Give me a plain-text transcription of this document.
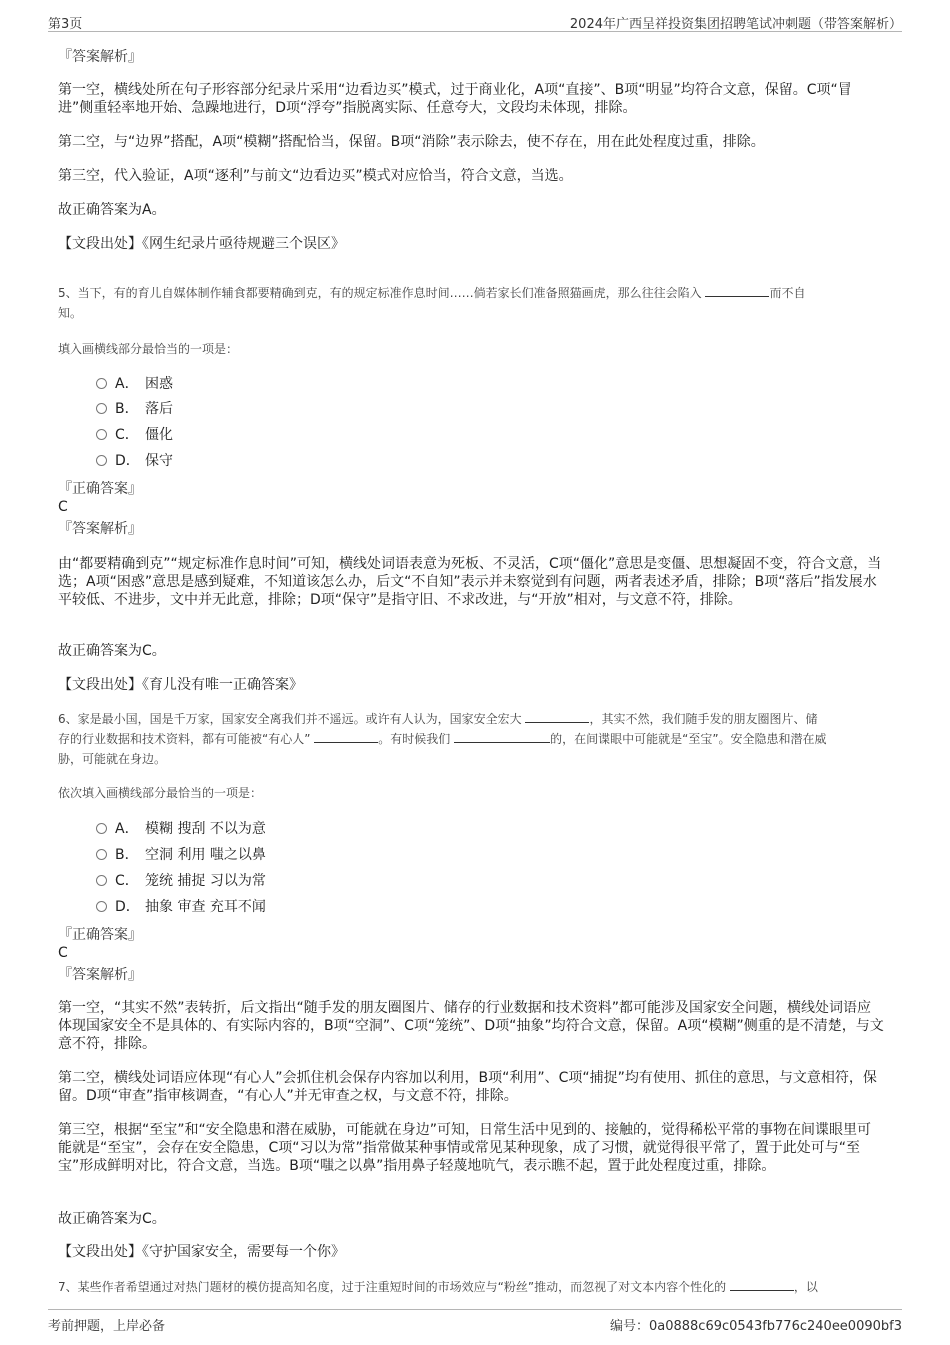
第3页	2024年广西呈祥投资集团招聘笔试冲刺题（带答案解析）
『答案解析』
第一空，横线处所在句子形容部分纪录片采用“边看边买”模式，过于商业化，A项“直接”、B项“明显”均符合文意，保留。C项“冒进”侧重轻率地开始、急躁地进行，D项“浮夸”指脱离实际、任意夸大，文段均未体现，排除。
第二空，与“边界”搭配，A项“模糊”搭配恰当，保留。B项“消除”表示除去，使不存在，用在此处程度过重，排除。
第三空，代入验证，A项“逐利”与前文“边看边买”模式对应恰当，符合文意，当选。
故正确答案为A。
【文段出处】《网生纪录片亟待规避三个误区》
5、当下，有的育儿自媒体制作辅食都要精确到克，有的规定标准作息时间……倘若家长们准备照猫画虎，那么往往会陷入	而不自
知。
填入画横线部分最恰当的一项是：
A． 困惑
B． 落后
C． 僵化
D． 保守
『正确答案』
C
『答案解析』
由“都要精确到克”“规定标准作息时间”可知，横线处词语表意为死板、不灵活，C项“僵化”意思是变僵、思想凝固不变，符合文意，当选；A项“困惑”意思是感到疑难，不知道该怎么办，后文“不自知”表示并未察觉到有问题，两者表述矛盾，排除；B项“落后”指发展水平较低、不进步，文中并无此意，排除；D项“保守”是指守旧、不求改进，与“开放”相对，与文意不符，排除。
故正确答案为C。
【文段出处】《育儿没有唯一正确答案》
6、家是最小国，国是千万家，国家安全离我们并不遥远。或许有人认为，国家安全宏大	，其实不然，我们随手发的朋友圈图片、储
存的行业数据和技术资料，都有可能被“有心人”	。有时候我们	的，在间谍眼中可能就是“至宝”。安全隐患和潜在威
胁，可能就在身边。
依次填入画横线部分最恰当的一项是：
A． 模糊 搜刮 不以为意
B． 空洞 利用 嗤之以鼻
C． 笼统 捕捉 习以为常
D． 抽象 审查 充耳不闻
『正确答案』
C
『答案解析』
第一空，“其实不然”表转折，后文指出“随手发的朋友圈图片、储存的行业数据和技术资料”都可能涉及国家安全问题，横线处词语应体现国家安全不是具体的、有实际内容的，B项“空洞”、C项“笼统”、D项“抽象”均符合文意，保留。A项“模糊”侧重的是不清楚，与文意不符，排除。
第二空，横线处词语应体现“有心人”会抓住机会保存内容加以利用，B项“利用”、C项“捕捉”均有使用、抓住的意思，与文意相符，保留。D项“审查”指审核调查，“有心人”并无审查之权，与文意不符，排除。
第三空，根据“至宝”和“安全隐患和潜在威胁，可能就在身边”可知，日常生活中见到的、接触的，觉得稀松平常的事物在间谍眼里可能就是“至宝”，会存在安全隐患，C项“习以为常”指常做某种事情或常见某种现象，成了习惯，就觉得很平常了，置于此处可与“至宝”形成鲜明对比，符合文意，当选。B项“嗤之以鼻”指用鼻子轻蔑地吭气，表示瞧不起，置于此处程度过重，排除。
故正确答案为C。
【文段出处】《守护国家安全，需要每一个你》
7、某些作者希望通过对热门题材的模仿提高知名度，过于注重短时间的市场效应与“粉丝”推动，而忽视了对文本内容个性化的	，以
考前押题，上岸必备	编号：0a0888c69c0543fb776c240ee0090bf3
